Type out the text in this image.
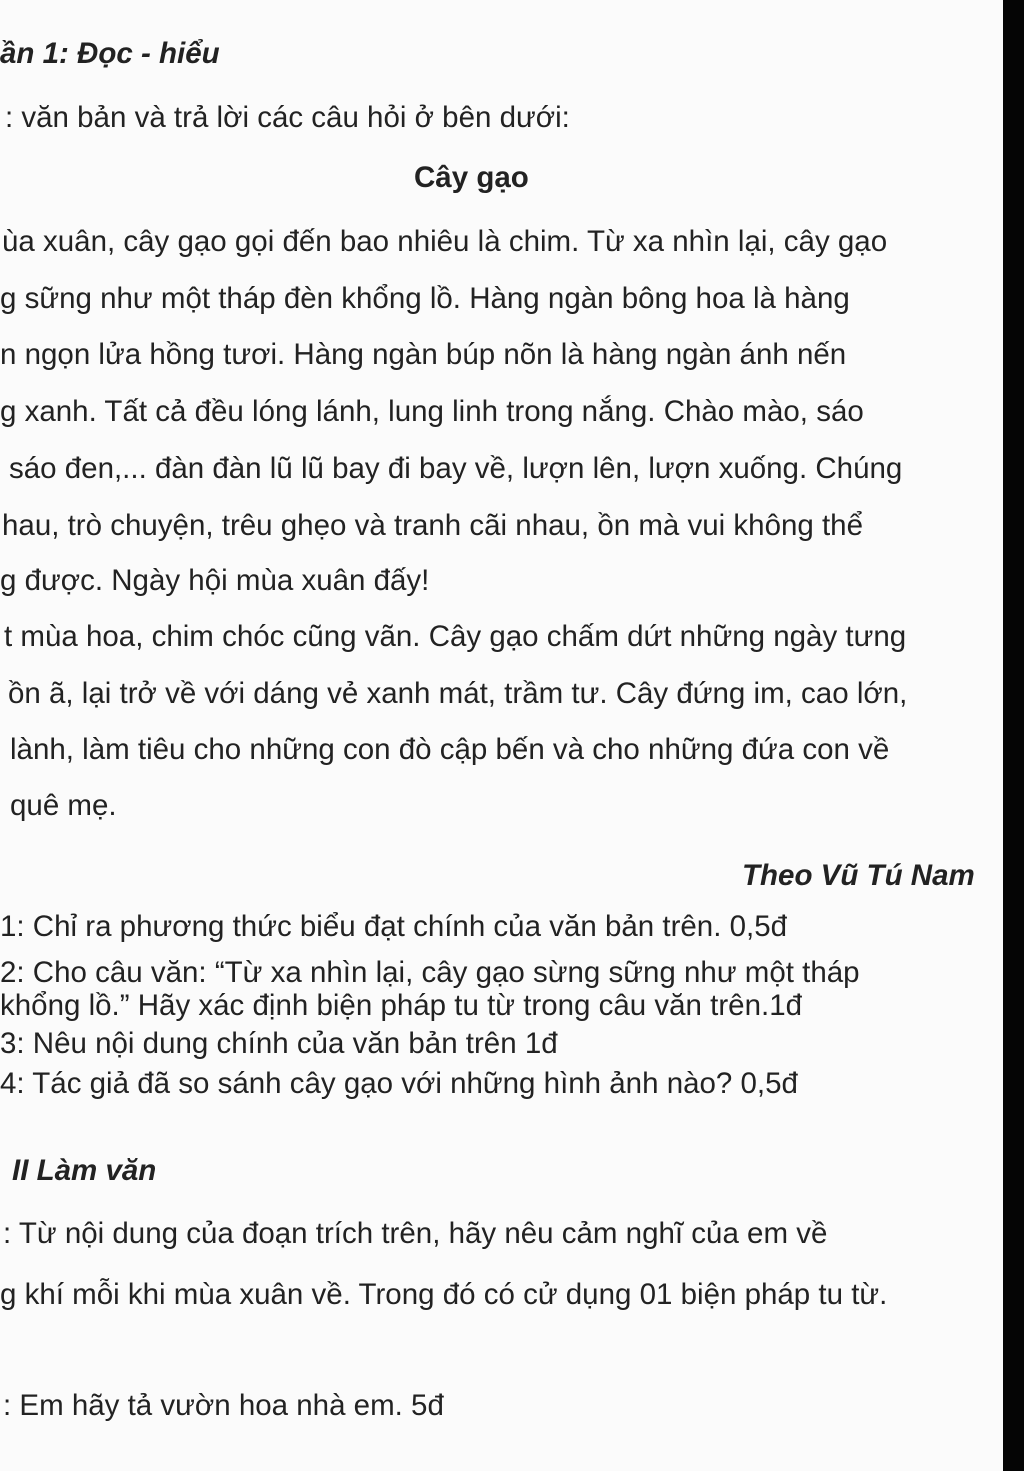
ần 1: Đọc - hiểu
: văn bản và trả lời các câu hỏi ở bên dưới:
Cây gạo
ùa xuân, cây gạo gọi đến bao nhiêu là chim. Từ xa nhìn lại, cây gạo
g sững như một tháp đèn khổng lồ. Hàng ngàn bông hoa là hàng
n ngọn lửa hồng tươi. Hàng ngàn búp nõn là hàng ngàn ánh nến
g xanh. Tất cả đều lóng lánh, lung linh trong nắng. Chào mào, sáo
sáo đen,... đàn đàn lũ lũ bay đi bay về, lượn lên, lượn xuống. Chúng
hau, trò chuyện, trêu ghẹo và tranh cãi nhau, ồn mà vui không thể
g được. Ngày hội mùa xuân đấy!
t mùa hoa, chim chóc cũng vãn. Cây gạo chấm dứt những ngày tưng
ồn ã, lại trở về với dáng vẻ xanh mát, trầm tư. Cây đứng im, cao lớn,
lành, làm tiêu cho những con đò cập bến và cho những đứa con về
quê mẹ.
Theo Vũ Tú Nam
1: Chỉ ra phương thức biểu đạt chính của văn bản trên. 0,5đ
2: Cho câu văn: “Từ xa nhìn lại, cây gạo sừng sững như một tháp
khổng lồ.” Hãy xác định biện pháp tu từ trong câu văn trên.1đ
3: Nêu nội dung chính của văn bản trên 1đ
4: Tác giả đã so sánh cây gạo với những hình ảnh nào? 0,5đ
II Làm văn
: Từ nội dung của đoạn trích trên, hãy nêu cảm nghĩ của em về
g khí mỗi khi mùa xuân về. Trong đó có cử dụng 01 biện pháp tu từ.
: Em hãy tả vườn hoa nhà em. 5đ
